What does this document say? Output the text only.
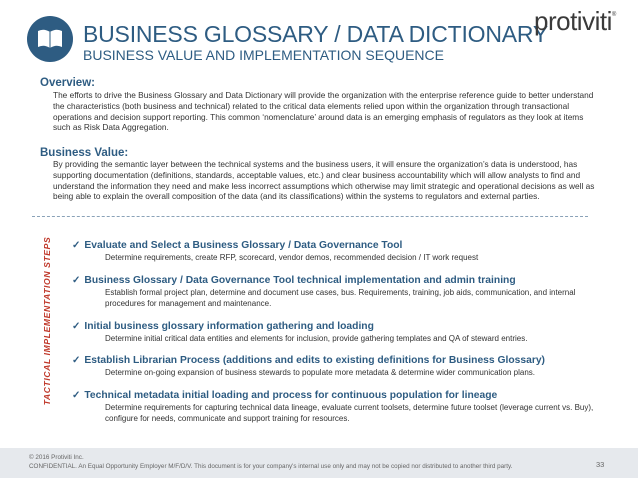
BUSINESS GLOSSARY / DATA DICTIONARY
BUSINESS VALUE AND IMPLEMENTATION SEQUENCE
protiviti®
Overview:
The efforts to drive the Business Glossary and Data Dictionary will provide the organization with the enterprise reference guide to better understand the characteristics (both business and technical) related to the critical data elements relied upon within the organization through transactional operations and decision support reporting. This common ‘nomenclature’ around data is an emerging emphasis of regulators as they look at items such as Risk Data Aggregation.
Business Value:
By providing the semantic layer between the technical systems and the business users, it will ensure the organization’s data is understood, has supporting documentation (definitions, standards, acceptable values, etc.) and clear business accountability which will allow analysts to find and understand the information they need and make less incorrect assumptions which otherwise may limit strategic and operational decisions as well as being able to explain the overall composition of the data (and its classifications) within the systems to regulators and external parties.
TACTICAL IMPLEMENTATION STEPS ✓ Evaluate and Select a Business Glossary / Data Governance Tool
Determine requirements, create RFP, scorecard, vendor demos, recommended decision / IT work request
✓ Business Glossary / Data Governance Tool technical implementation and admin training
Establish formal project plan, determine and document use cases, bus. Requirements, training, job aids, communication, and internal procedures for management and maintenance.
✓ Initial business glossary information gathering and loading
Determine initial critical data entities and elements for inclusion, provide gathering templates and QA of steward entries.
✓ Establish Librarian Process (additions and edits to existing definitions for Business Glossary)
Determine on-going expansion of business stewards to populate more metadata & determine wider communication plans.
✓ Technical metadata initial loading and process for continuous population for lineage
Determine requirements for capturing technical data lineage, evaluate current toolsets, determine future toolset (leverage current vs. Buy), configure for needs, communicate and support training for resources.
© 2016 Protiviti Inc.
CONFIDENTIAL. An Equal Opportunity Employer M/F/D/V. This document is for your company's internal use only and may not be copied nor distributed to another third party.	33
